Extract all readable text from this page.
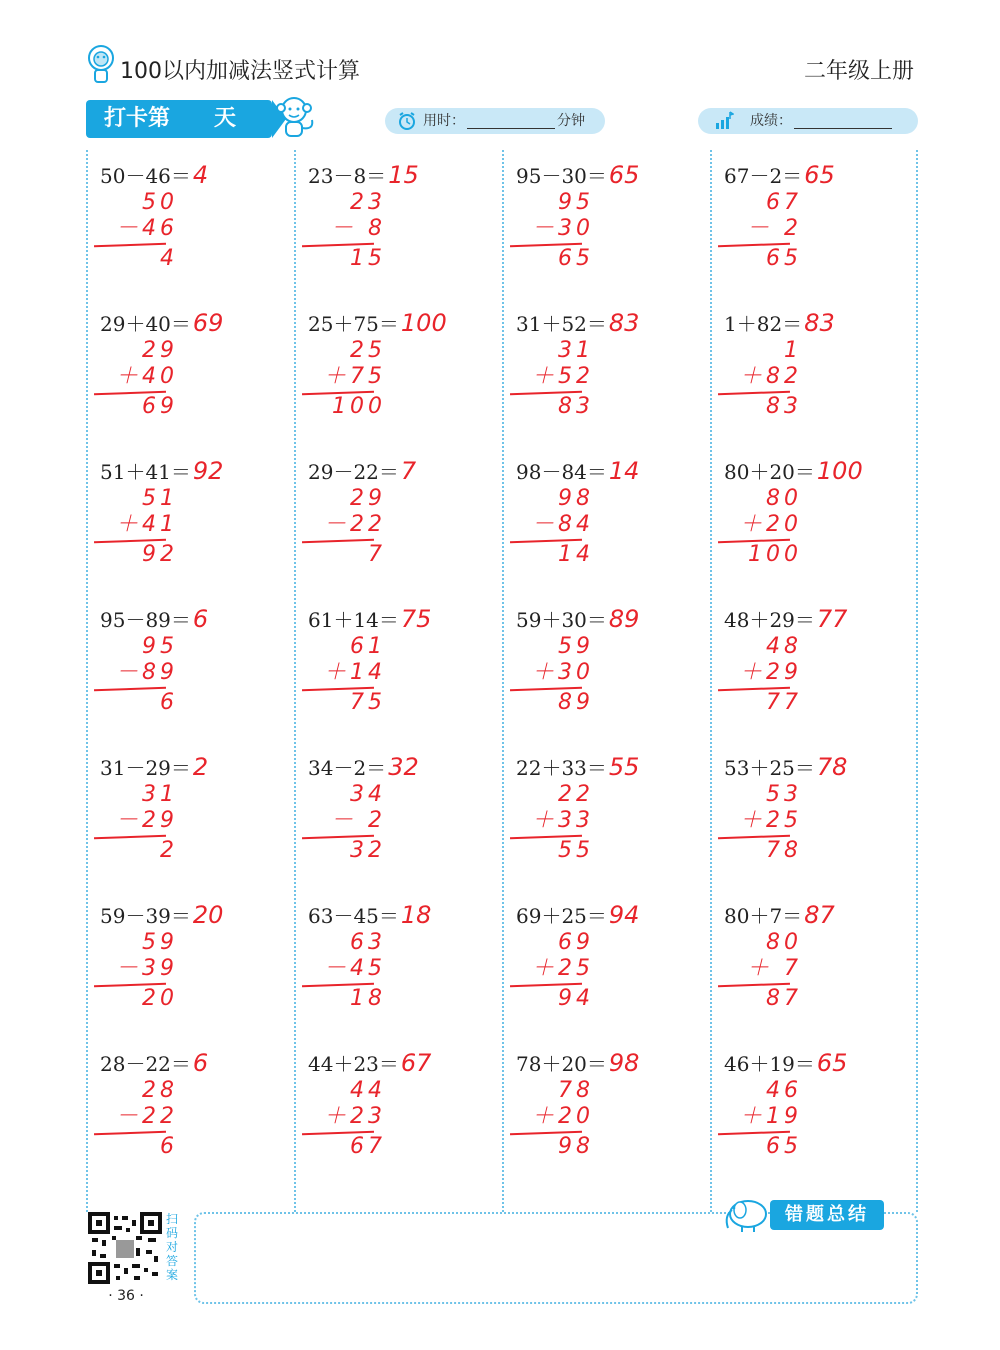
100以内加减法竖式计算	二年级上册
打卡第 天	用时：	分钟	成绩：
50－46＝4
50
－46
4
29＋40＝69
29
＋40
69
51＋41＝92
51
＋41
92
95－89＝6
95
－89
6
31－29＝2
31
－29
2
59－39＝20
59
－39
20
28－22＝6
28
－22
6
23－8＝15
23
－ 8
15
25＋75＝100
25
＋75
100
29－22＝7
29
－22
7
61＋14＝75
61
＋14
75
34－2＝32
34
－ 2
32
63－45＝18
63
－45
18
44＋23＝67
44
＋23
67
95－30＝65
95
－30
65
31＋52＝83
31
＋52
83
98－84＝14
98
－84
14
59＋30＝89
59
＋30
89
22＋33＝55
22
＋33
55
69＋25＝94
69
＋25
94
78＋20＝98
78
＋20
98
67－2＝65
67
－ 2
65
1＋82＝83
1
＋82
83
80＋20＝100
80
＋20
100
48＋29＝77
48
＋29
77
53＋25＝78
53
＋25
78
80＋7＝87
80
＋ 7
87
46＋19＝65
46
＋19
65
扫码对答案
· 36 ·
错题总结
